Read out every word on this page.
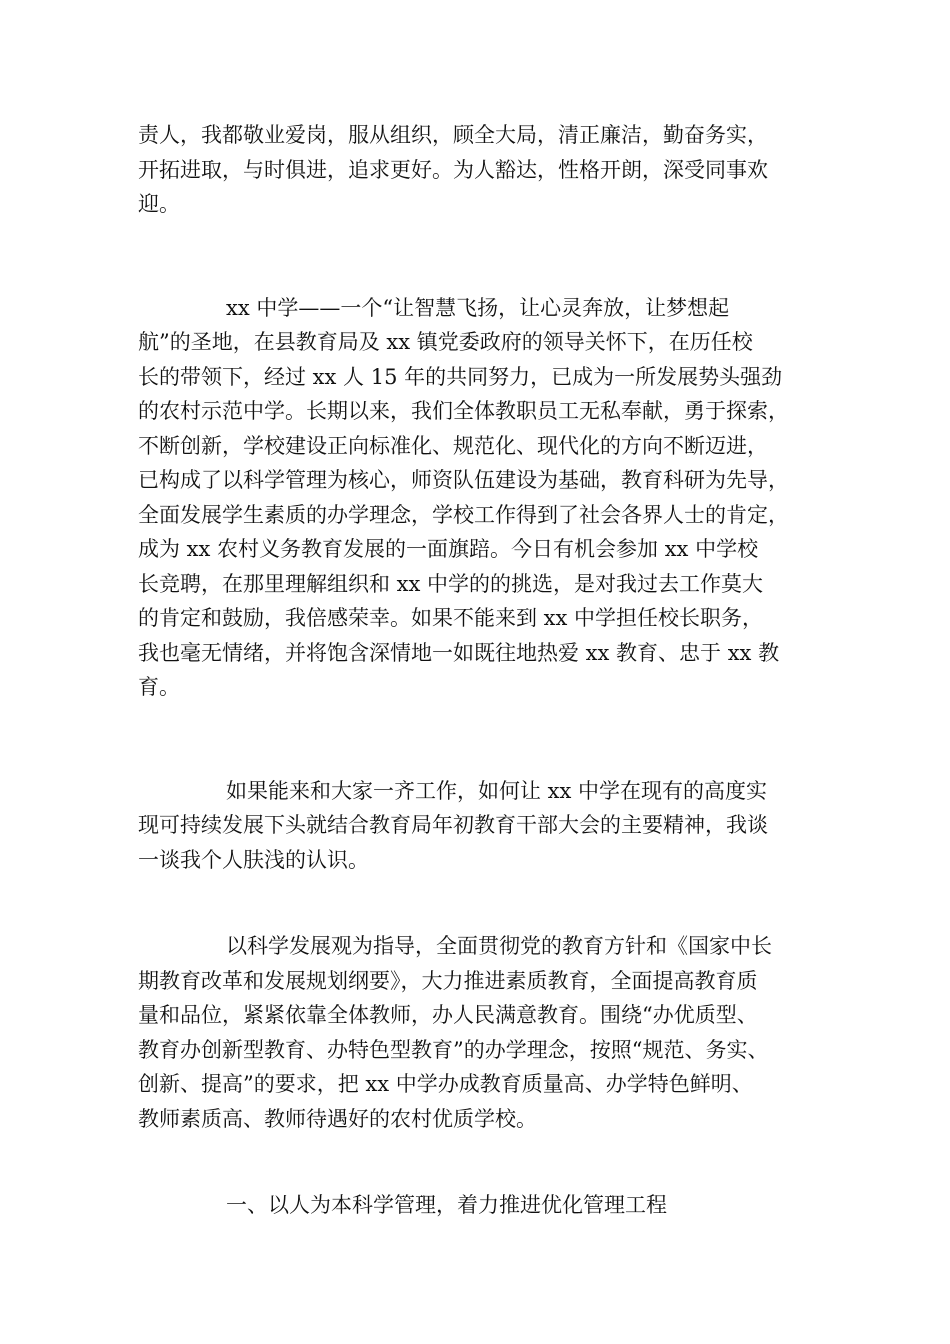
责人，我都敬业爱岗，服从组织，顾全大局，清正廉洁，勤奋务实，
开拓进取，与时俱进，追求更好。为人豁达，性格开朗，深受同事欢
迎。
xx 中学——一个“让智慧飞扬，让心灵奔放，让梦想起
航”的圣地，在县教育局及 xx 镇党委政府的领导关怀下，在历任校
长的带领下，经过 xx 人 15 年的共同努力，已成为一所发展势头强劲
的农村示范中学。长期以来，我们全体教职员工无私奉献，勇于探索，
不断创新，学校建设正向标准化、规范化、现代化的方向不断迈进，
已构成了以科学管理为核心，师资队伍建设为基础，教育科研为先导，
全面发展学生素质的办学理念，学校工作得到了社会各界人士的肯定，
成为 xx 农村义务教育发展的一面旗踣。今日有机会参加 xx 中学校
长竞聘，在那里理解组织和 xx 中学的的挑选，是对我过去工作莫大
的肯定和鼓励，我倍感荣幸。如果不能来到 xx 中学担任校长职务，
我也毫无情绪，并将饱含深情地一如既往地热爱 xx 教育、忠于 xx 教
育。
如果能来和大家一齐工作，如何让 xx 中学在现有的高度实
现可持续发展下头就结合教育局年初教育干部大会的主要精神，我谈
一谈我个人肤浅的认识。
以科学发展观为指导，全面贯彻党的教育方针和《国家中长
期教育改革和发展规划纲要》，大力推进素质教育，全面提高教育质
量和品位，紧紧依靠全体教师，办人民满意教育。围绕“办优质型、
教育办创新型教育、办特色型教育”的办学理念，按照“规范、务实、
创新、提高”的要求，把 xx 中学办成教育质量高、办学特色鲜明、
教师素质高、教师待遇好的农村优质学校。
一、以人为本科学管理，着力推进优化管理工程
